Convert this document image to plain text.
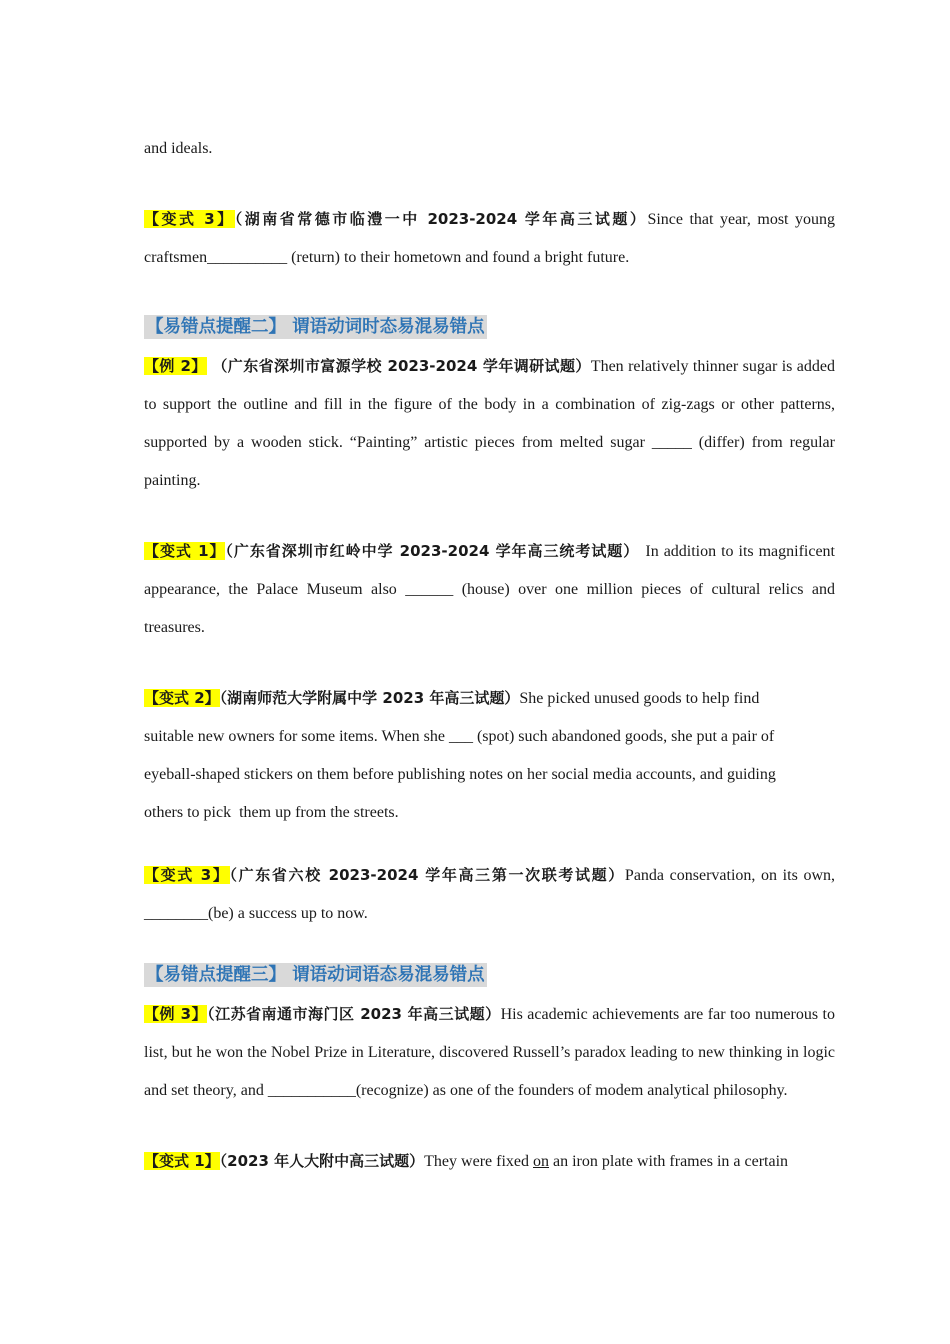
and ideals.

【变式 3】（湖南省常德市临澧一中 2023-2024 学年高三试题）Since that year, most young craftsmen__________ (return) to their hometown and found a bright future.

【易错点提醒二】 谓语动词时态易混易错点

【例 2】 （广东省深圳市富源学校 2023-2024 学年调研试题）Then relatively thinner sugar is added to support the outline and fill in the figure of the body in a combination of zig-zags or other patterns, supported by a wooden stick. “Painting” artistic pieces from melted sugar _____ (differ) from regular painting.

【变式 1】（广东省深圳市红岭中学 2023-2024 学年高三统考试题） In addition to its magnificent appearance, the Palace Museum also ______ (house) over one million pieces of cultural relics and treasures.

【变式 2】（湖南师范大学附属中学 2023 年高三试题）She picked unused goods to help find
suitable new owners for some items. When she ___ (spot) such abandoned goods, she put a pair of
eyeball-shaped stickers on them before publishing notes on her social media accounts, and guiding
others to pick  them up from the streets.

【变式 3】（广东省六校 2023-2024 学年高三第一次联考试题）Panda conservation, on its own, ________(be) a success up to now.

【易错点提醒三】 谓语动词语态易混易错点

【例 3】（江苏省南通市海门区 2023 年高三试题）His academic achievements are far too numerous to list, but he won the Nobel Prize in Literature, discovered Russell’s paradox leading to new thinking in logic and set theory, and ___________(recognize) as one of the founders of modem analytical philosophy.

【变式 1】（2023 年人大附中高三试题）They were fixed on an iron plate with frames in a certain
